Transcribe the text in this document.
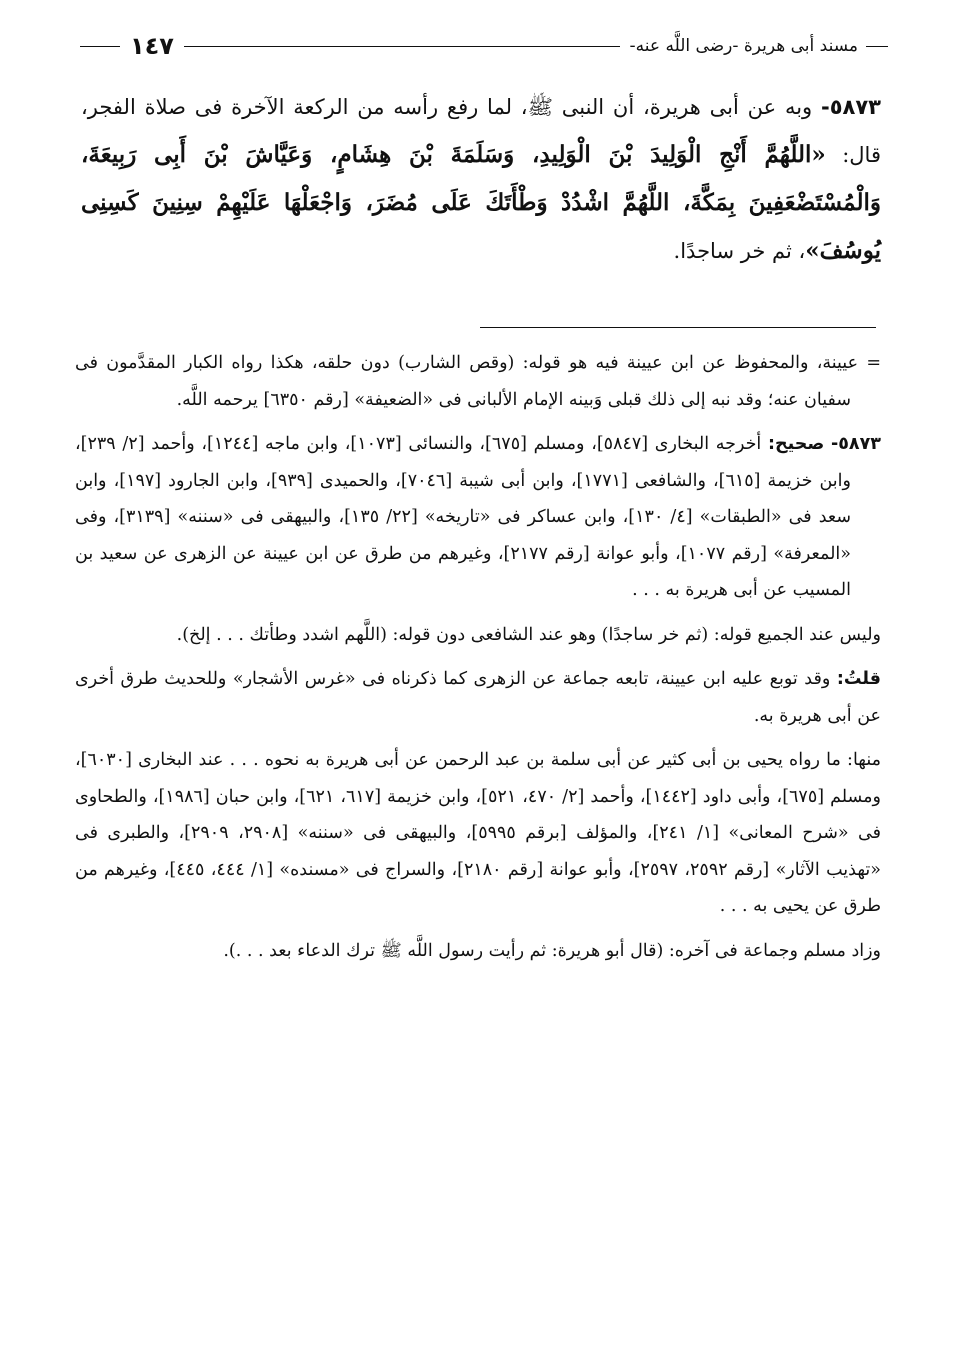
مسند أبى هريرة -رضى اللَّه عنه-
١٤٧
٥٨٧٣- وبه عن أبى هريرة، أن النبى ﷺ، لما رفع رأسه من الركعة الآخرة فى صلاة الفجر، قال: «اللَّهُمَّ أَنْجِ الْوَلِيدَ بْنَ الْوَلِيدِ، وَسَلَمَةَ بْنَ هِشَامٍ، وَعَيَّاشَ بْنَ أَبِى رَبِيعَةَ، وَالْمُسْتَضْعَفِينَ بِمَكَّةَ، اللَّهُمَّ اشْدُدْ وَطْأَتَكَ عَلَى مُضَرَ، وَاجْعَلْهَا عَلَيْهِمْ سِنِينَ كَسِنِى يُوسُفَ»، ثم خر ساجدًا.

= عيينة، والمحفوظ عن ابن عيينة فيه هو قوله: (وقص الشارب) دون حلقه، هكذا رواه الكبار المقدَّمون فى سفيان عنه؛ وقد نبه إلى ذلك قبلى وَبينه الإمام الألبانى فى «الضعيفة» [رقم ٦٣٥٠] يرحمه اللَّه.

٥٨٧٣- صحيح: أخرجه البخارى [٥٨٤٧]، ومسلم [٦٧٥]، والنسائى [١٠٧٣]، وابن ماجه [١٢٤٤]، وأحمد [٢/ ٢٣٩]، وابن خزيمة [٦١٥]، والشافعى [١٧٧١]، وابن أبى شيبة [٧٠٤٦]، والحميدى [٩٣٩]، وابن الجارود [١٩٧]، وابن سعد فى «الطبقات» [٤/ ١٣٠]، وابن عساكر فى «تاريخه» [٢٢/ ١٣٥]، والبيهقى فى «سننه» [٣١٣٩]، وفى «المعرفة» [رقم ١٠٧٧]، وأبو عوانة [رقم ٢١٧٧]، وغيرهم من طرق عن ابن عيينة عن الزهرى عن سعيد بن المسيب عن أبى هريرة به . . .

وليس عند الجميع قوله: (ثم خر ساجدًا) وهو عند الشافعى دون قوله: (اللَّهم اشدد وطأتك . . . إلخ).

قلتُ: وقد توبع عليه ابن عيينة، تابعه جماعة عن الزهرى كما ذكرناه فى «غرس الأشجار» وللحديث طرق أخرى عن أبى هريرة به.

منها: ما رواه يحيى بن أبى كثير عن أبى سلمة بن عبد الرحمن عن أبى هريرة به نحوه . . . عند البخارى [٦٠٣٠]، ومسلم [٦٧٥]، وأبى داود [١٤٤٢]، وأحمد [٢/ ٤٧٠، ٥٢١]، وابن خزيمة [٦١٧، ٦٢١]، وابن حبان [١٩٨٦]، والطحاوى فى «شرح المعانى» [١/ ٢٤١]، والمؤلف [برقم ٥٩٩٥]، والبيهقى فى «سننه» [٢٩٠٨، ٢٩٠٩]، والطبرى فى «تهذيب الآثار» [رقم ٢٥٩٢، ٢٥٩٧]، وأبو عوانة [رقم ٢١٨٠]، والسراج فى «مسنده» [١/ ٤٤٤، ٤٤٥]، وغيرهم من طرق عن يحيى به . . .

وزاد مسلم وجماعة فى آخره: (قال أبو هريرة: ثم رأيت رسول اللَّه ﷺ ترك الدعاء بعد . . .).
